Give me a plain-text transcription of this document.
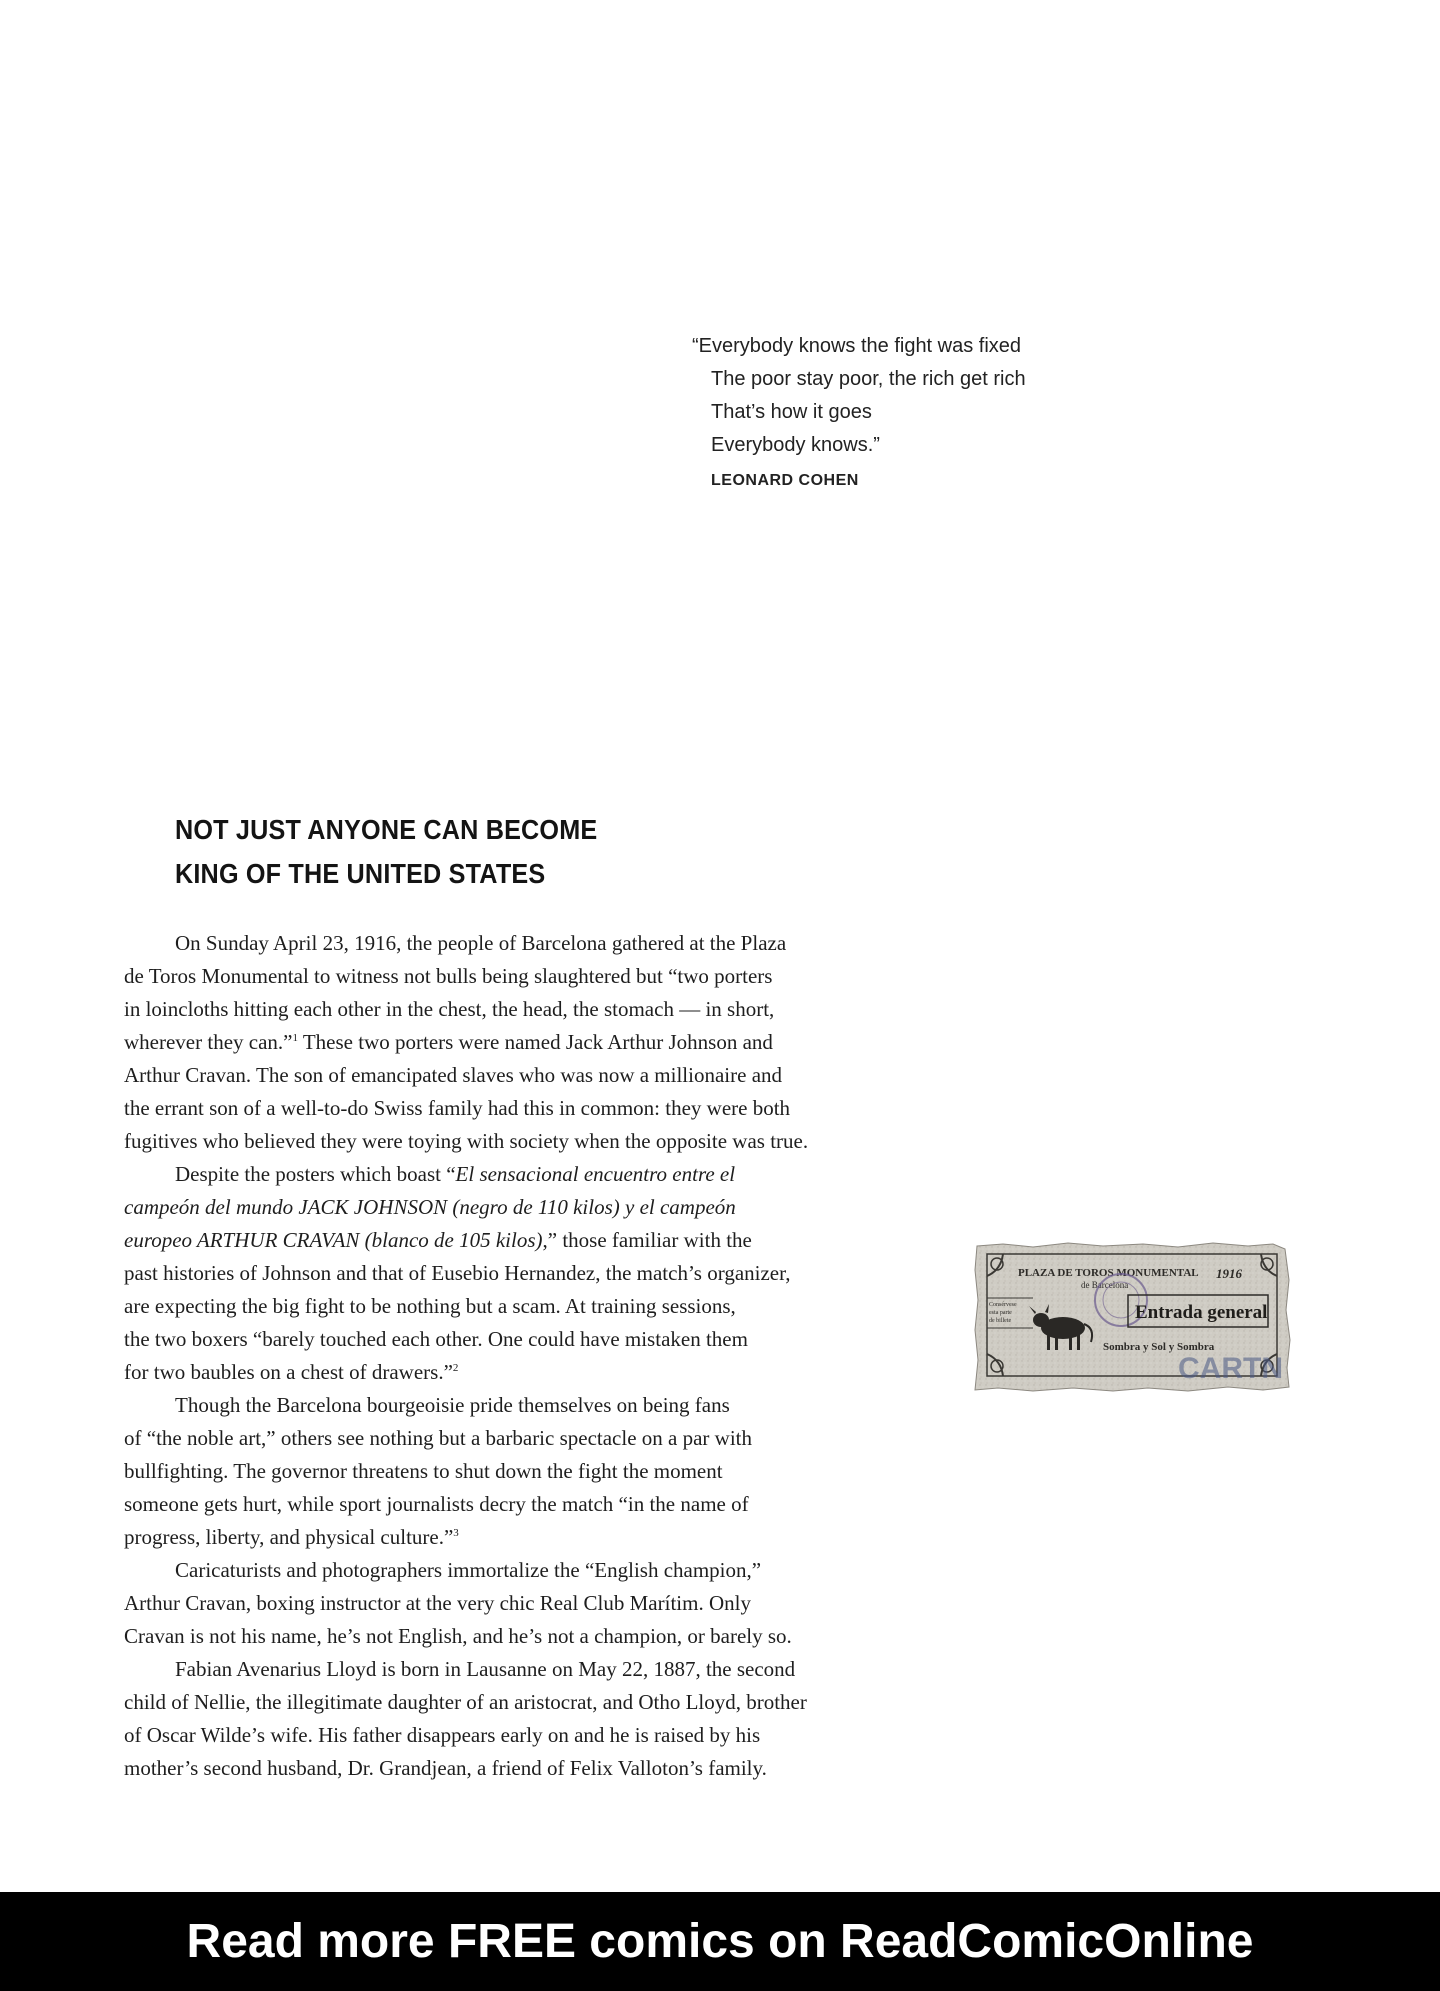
“Everybody knows the fight was fixed
The poor stay poor, the rich get rich
That’s how it goes
Everybody knows.”
LEONARD COHEN
NOT JUST ANYONE CAN BECOME
KING OF THE UNITED STATES
On Sunday April 23, 1916, the people of Barcelona gathered at the Plaza
de Toros Monumental to witness not bulls being slaughtered but “two porters
in loincloths hitting each other in the chest, the head, the stomach — in short,
wherever they can.”$^1$ These two porters were named Jack Arthur Johnson and
Arthur Cravan. The son of emancipated slaves who was now a millionaire and
the errant son of a well-to-do Swiss family had this in common: they were both
fugitives who believed they were toying with society when the opposite was true.
Despite the posters which boast “El sensacional encuentro entre el
campeón del mundo JACK JOHNSON (negro de 110 kilos) y el campeón
europeo ARTHUR CRAVAN (blanco de 105 kilos),” those familiar with the
past histories of Johnson and that of Eusebio Hernandez, the match’s organizer,
are expecting the big fight to be nothing but a scam. At training sessions,
the two boxers “barely touched each other. One could have mistaken them
for two baubles on a chest of drawers.”$^2$
Though the Barcelona bourgeoisie pride themselves on being fans
of “the noble art,” others see nothing but a barbaric spectacle on a par with
bullfighting. The governor threatens to shut down the fight the moment
someone gets hurt, while sport journalists decry the match “in the name of
progress, liberty, and physical culture.”$^3$
Caricaturists and photographers immortalize the “English champion,”
Arthur Cravan, boxing instructor at the very chic Real Club Marítim. Only
Cravan is not his name, he’s not English, and he’s not a champion, or barely so.
Fabian Avenarius Lloyd is born in Lausanne on May 22, 1887, the second
child of Nellie, the illegitimate daughter of an aristocrat, and Otho Lloyd, brother
of Oscar Wilde’s wife. His father disappears early on and he is raised by his
mother’s second husband, Dr. Grandjean, a friend of Felix Valloton’s family.
PLAZA DE TOROS MONUMENTAL 1916
de Barcelona
Consérvese
esta parte
de billete	Entrada general
Sombra y Sol y Sombra
CARTN
Read more FREE comics on ReadComicOnline
